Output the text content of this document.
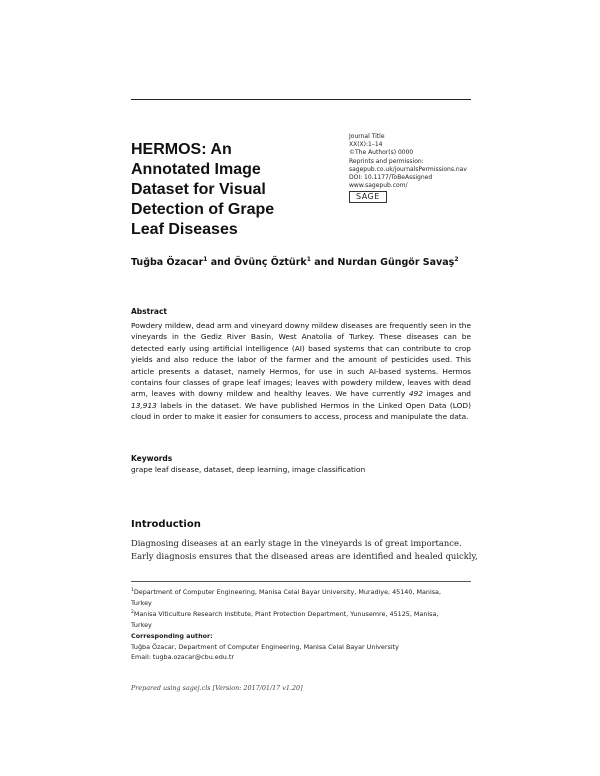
HERMOS: An
Annotated Image
Dataset for Visual
Detection of Grape
Leaf Diseases
Journal Title
XX(X):1–14
©The Author(s) 0000
Reprints and permission:
sagepub.co.uk/journalsPermissions.nav
DOI: 10.1177/ToBeAssigned
www.sagepub.com/
SAGE
Tuğba Özacar$^1$ and Övünç Öztürk$^1$ and Nurdan Güngör Savaş$^2$
Abstract

Powdery mildew, dead arm and vineyard downy mildew diseases are frequently seen in the vineyards in the Gediz River Basin, West Anatolia of Turkey. These diseases can be detected early using artificial intelligence (AI) based systems that can contribute to crop yields and also reduce the labor of the farmer and the amount of pesticides used. This article presents a dataset, namely Hermos, for use in such AI-based systems. Hermos contains four classes of grape leaf images; leaves with powdery mildew, leaves with dead arm, leaves with downy mildew and healthy leaves. We have currently 492 images and 13,913 labels in the dataset. We have published Hermos in the Linked Open Data (LOD) cloud in order to make it easier for consumers to access, process and manipulate the data.

Keywords
grape leaf disease, dataset, deep learning, image classification
Introduction

Diagnosing diseases at an early stage in the vineyards is of great importance.
Early diagnosis ensures that the diseased areas are identified and healed quickly,

$^1$Department of Computer Engineering, Manisa Celal Bayar University, Muradiye, 45140, Manisa,
Turkey
$^2$Manisa Viticulture Research Institute, Plant Protection Department, Yunusemre, 45125, Manisa,
Turkey
Corresponding author:
Tuğba Özacar, Department of Computer Engineering, Manisa Celal Bayar University
Email: tugba.ozacar@cbu.edu.tr
Prepared using sagej.cls [Version: 2017/01/17 v1.20]
